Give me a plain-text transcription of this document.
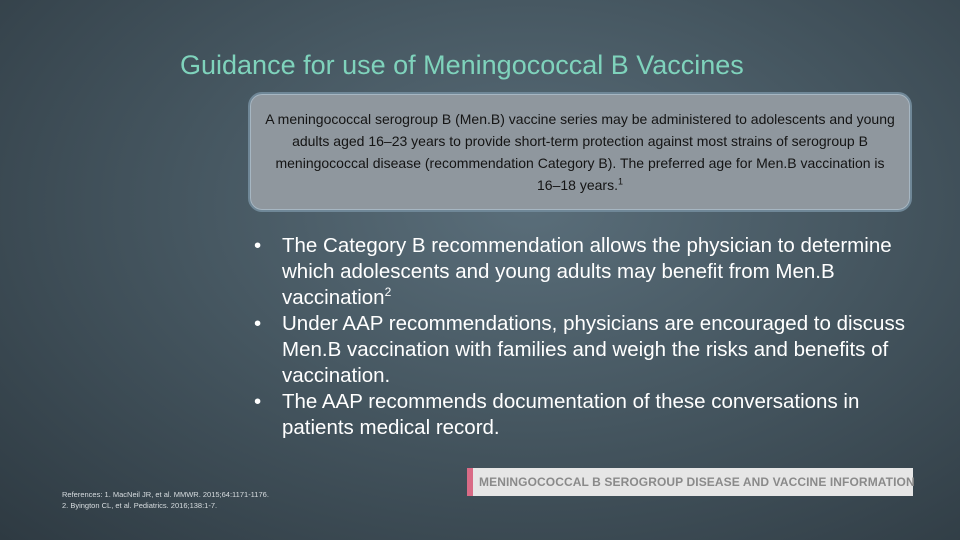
Guidance for use of Meningococcal B Vaccines
A meningococcal serogroup B (Men.B) vaccine series may be administered to adolescents and young adults aged 16–23 years to provide short-term protection against most strains of serogroup B meningococcal disease (recommendation Category B). The preferred age for Men.B vaccination is 16–18 years.$^1$
• The Category B recommendation allows the physician to determine which adolescents and young adults may benefit from Men.B vaccination$^2$
• Under AAP recommendations, physicians are encouraged to discuss Men.B vaccination with families and weigh the risks and benefits of vaccination.
• The AAP recommends documentation of these conversations in patients medical record.
References: 1. MacNeil JR, et al. MMWR. 2015;64:1171-1176.
2. Byington CL, et al. Pediatrics. 2016;138:1-7.
MENINGOCOCCAL B SEROGROUP DISEASE AND VACCINE INFORMATION
